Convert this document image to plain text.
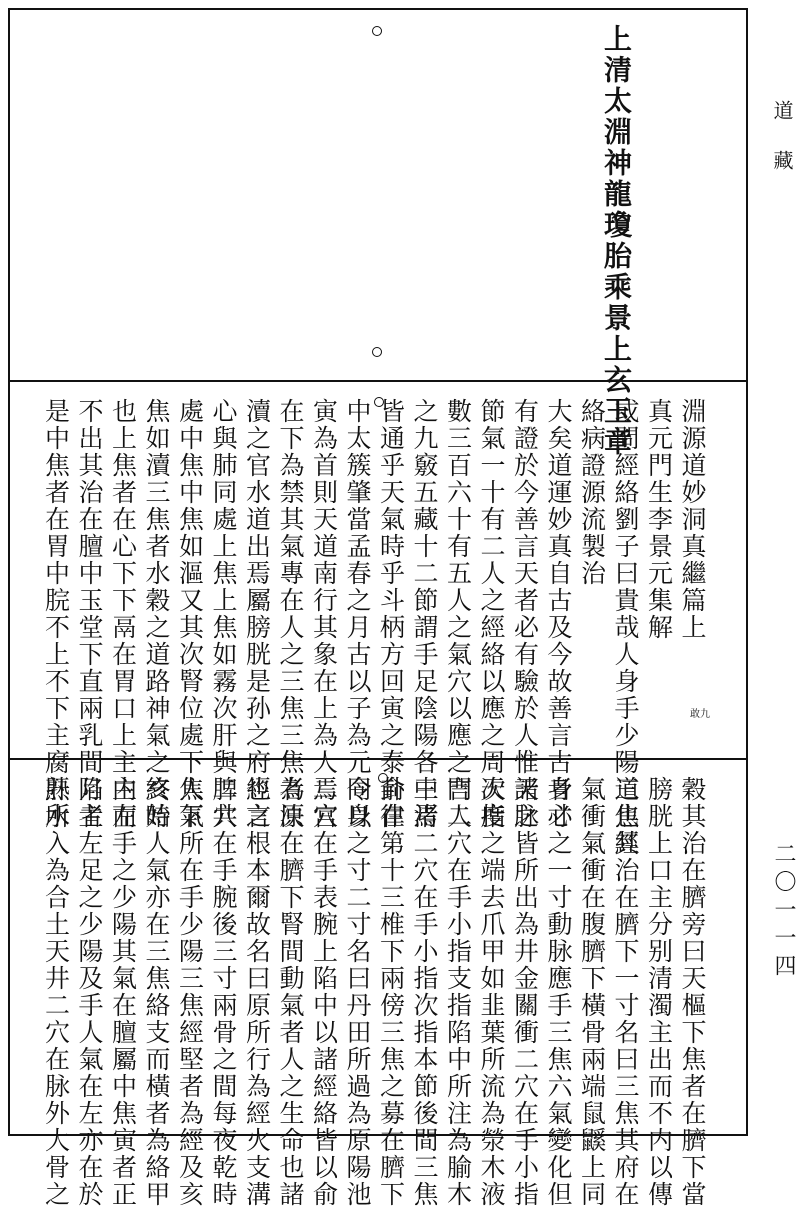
道藏
二〇一一四
上清太淵神龍瓊胎乘景上玄玉章
淵源道妙洞真繼篇上
真元門生李景元集解
或問經絡劉子曰貴哉人身手少陽三焦經
絡病證源流製治
大矣道運妙真自古及今故善言古者必
有證於今善言天者必有驗於人惟天之
節氣一十有二人之經絡以應之周天度
數三百六十有五人之氣穴以應之言人
之九竅五藏十二節謂手足陰陽各三焉
皆通乎天氣時乎斗柄方回寅之泰卦律
中太簇肇當孟春之月古以子為元令以
寅為首則天道南行其象在上為人焉宫
在下為禁其氣專在人之三焦三焦者決
瀆之官水道出焉屬膀胱是孙之府也言
心與肺同處上焦上焦如霧次肝與脾共
處中焦中焦如漚又其次腎位處下焦下
焦如瀆三焦者水穀之道路神氣之終始
也上焦者在心下下鬲在胃口上主内而
不出其治在膻中玉堂下直兩乳間陷者
是中焦者在胃中脘不上不下主腐熟水
穀其治在臍旁曰天樞下焦者在臍下當
膀胱上口主分别清濁主出而不内以傳
道也其治在臍下一寸名曰三焦其府在
氣衝氣衝在腹臍下橫骨兩端鼠鼷上同
身寸之一寸動脉應手三焦六氣變化但
諸脉皆所出為井金關衝二穴在手小指
次指之端去爪甲如韭葉所流為滎木液
門二穴在手小指支指陷中所注為腧木
中渚二穴在手小指次指本節後間三焦
俞在第十三椎下兩傍三焦之募在臍下
同身之寸二寸名曰丹田所過為原陽池
二穴在手表腕上陷中以諸經絡皆以俞
為原在臍下腎間動氣者人之生命也諸
經之根本爾故名曰原所行為經火支溝
二穴在手腕後三寸兩骨之間每夜乾時
人氣所在手少陽三焦經堅者為經及亥
亥時人氣亦在三焦絡支而橫者為絡甲
主左手之少陽其氣在膻屬中焦寅者正
月主左足之少陽及手人氣在左亦在於
肝所入為合土天井二穴在脉外大骨之
敢九
